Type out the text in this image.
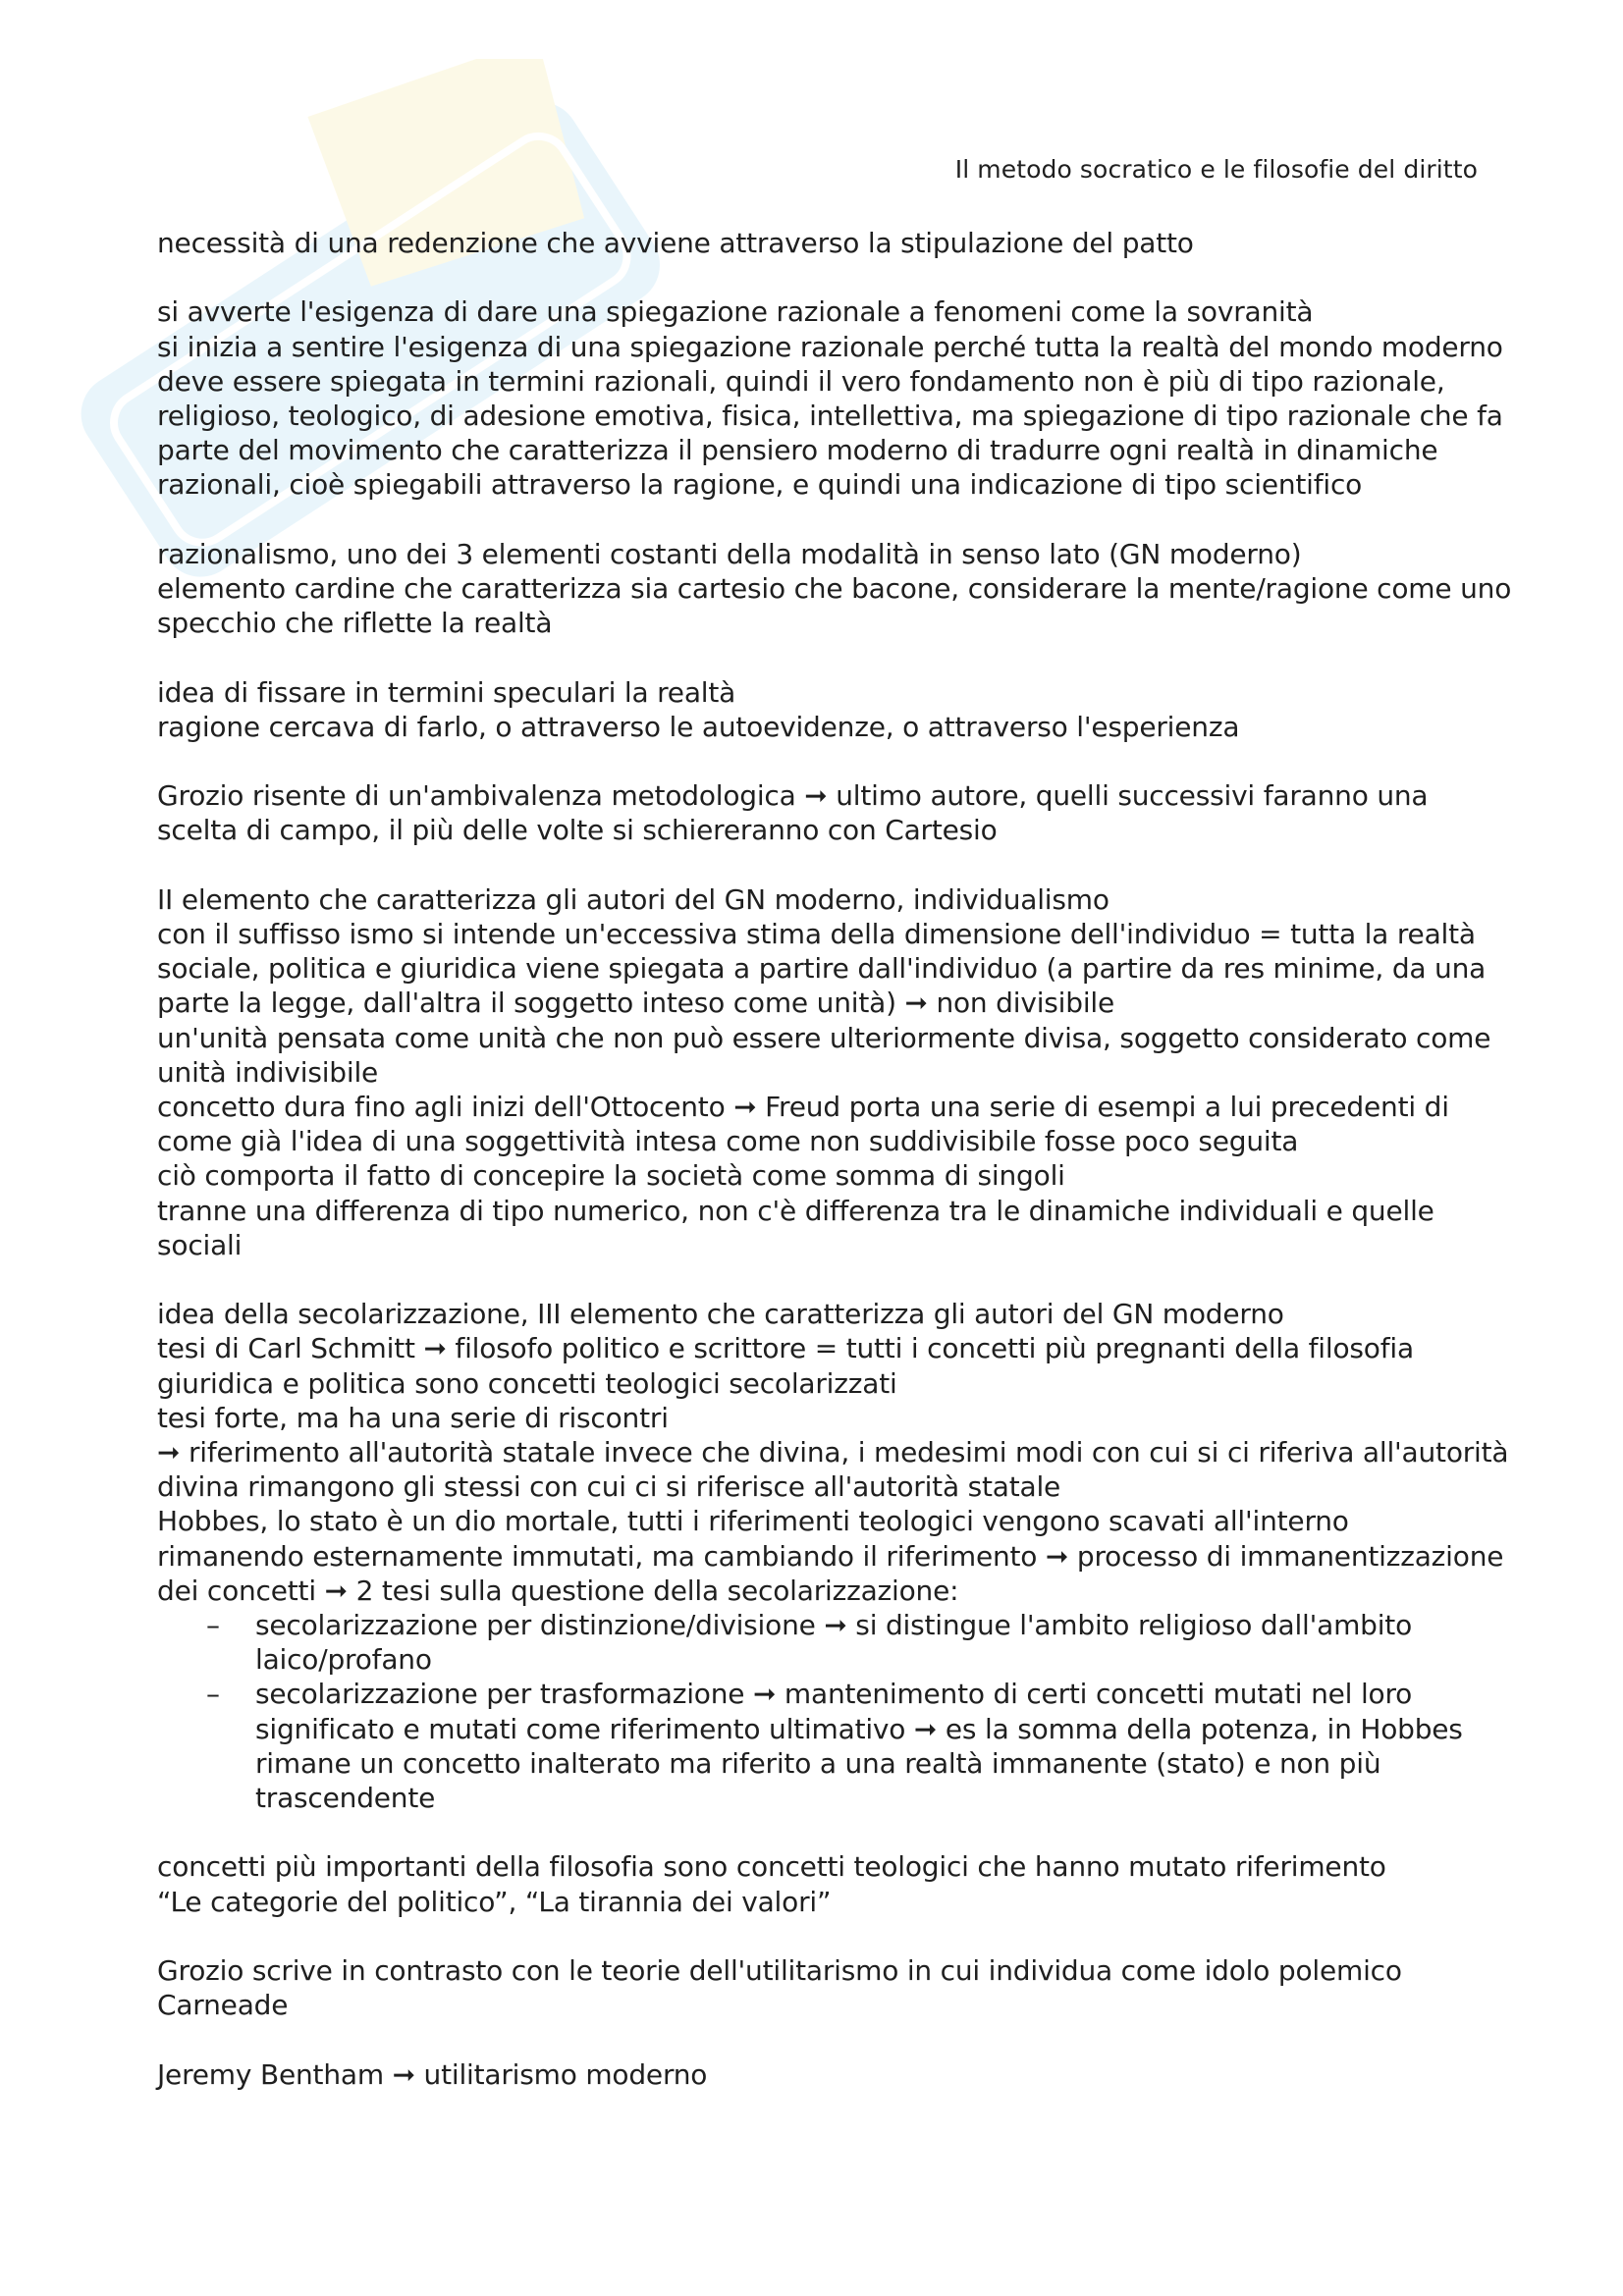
Il metodo socratico e le filosofie del diritto
necessità di una redenzione che avviene attraverso la stipulazione del patto
si avverte l'esigenza di dare una spiegazione razionale a fenomeni come la sovranità
si inizia a sentire l'esigenza di una spiegazione razionale perché tutta la realtà del mondo moderno
deve essere spiegata in termini razionali, quindi il vero fondamento non è più di tipo razionale,
religioso, teologico, di adesione emotiva, fisica, intellettiva, ma spiegazione di tipo razionale che fa
parte del movimento che caratterizza il pensiero moderno di tradurre ogni realtà in dinamiche
razionali, cioè spiegabili attraverso la ragione, e quindi una indicazione di tipo scientifico
razionalismo, uno dei 3 elementi costanti della modalità in senso lato (GN moderno)
elemento cardine che caratterizza sia cartesio che bacone, considerare la mente/ragione come uno
specchio che riflette la realtà
idea di fissare in termini speculari la realtà
ragione cercava di farlo, o attraverso le autoevidenze, o attraverso l'esperienza
Grozio risente di un'ambivalenza metodologica ➞ ultimo autore, quelli successivi faranno una
scelta di campo, il più delle volte si schiereranno con Cartesio
II elemento che caratterizza gli autori del GN moderno, individualismo
con il suffisso ismo si intende un'eccessiva stima della dimensione dell'individuo = tutta la realtà
sociale, politica e giuridica viene spiegata a partire dall'individuo (a partire da res minime, da una
parte la legge, dall'altra il soggetto inteso come unità) ➞ non divisibile
un'unità pensata come unità che non può essere ulteriormente divisa, soggetto considerato come
unità indivisibile
concetto dura fino agli inizi dell'Ottocento ➞ Freud porta una serie di esempi a lui precedenti di
come già l'idea di una soggettività intesa come non suddivisibile fosse poco seguita
ciò comporta il fatto di concepire la società come somma di singoli
tranne una differenza di tipo numerico, non c'è differenza tra le dinamiche individuali e quelle
sociali
idea della secolarizzazione, III elemento che caratterizza gli autori del GN moderno
tesi di Carl Schmitt ➞ filosofo politico e scrittore = tutti i concetti più pregnanti della filosofia
giuridica e politica sono concetti teologici secolarizzati
tesi forte, ma ha una serie di riscontri
➞ riferimento all'autorità statale invece che divina, i medesimi modi con cui si ci riferiva all'autorità
divina rimangono gli stessi con cui ci si riferisce all'autorità statale
Hobbes, lo stato è un dio mortale, tutti i riferimenti teologici vengono scavati all'interno
rimanendo esternamente immutati, ma cambiando il riferimento ➞ processo di immanentizzazione
dei concetti ➞ 2 tesi sulla questione della secolarizzazione:
– secolarizzazione per distinzione/divisione ➞ si distingue l'ambito religioso dall'ambito
laico/profano
– secolarizzazione per trasformazione ➞ mantenimento di certi concetti mutati nel loro
significato e mutati come riferimento ultimativo ➞ es la somma della potenza, in Hobbes
rimane un concetto inalterato ma riferito a una realtà immanente (stato) e non più
trascendente
concetti più importanti della filosofia sono concetti teologici che hanno mutato riferimento
“Le categorie del politico”, “La tirannia dei valori”
Grozio scrive in contrasto con le teorie dell'utilitarismo in cui individua come idolo polemico
Carneade
Jeremy Bentham ➞ utilitarismo moderno
